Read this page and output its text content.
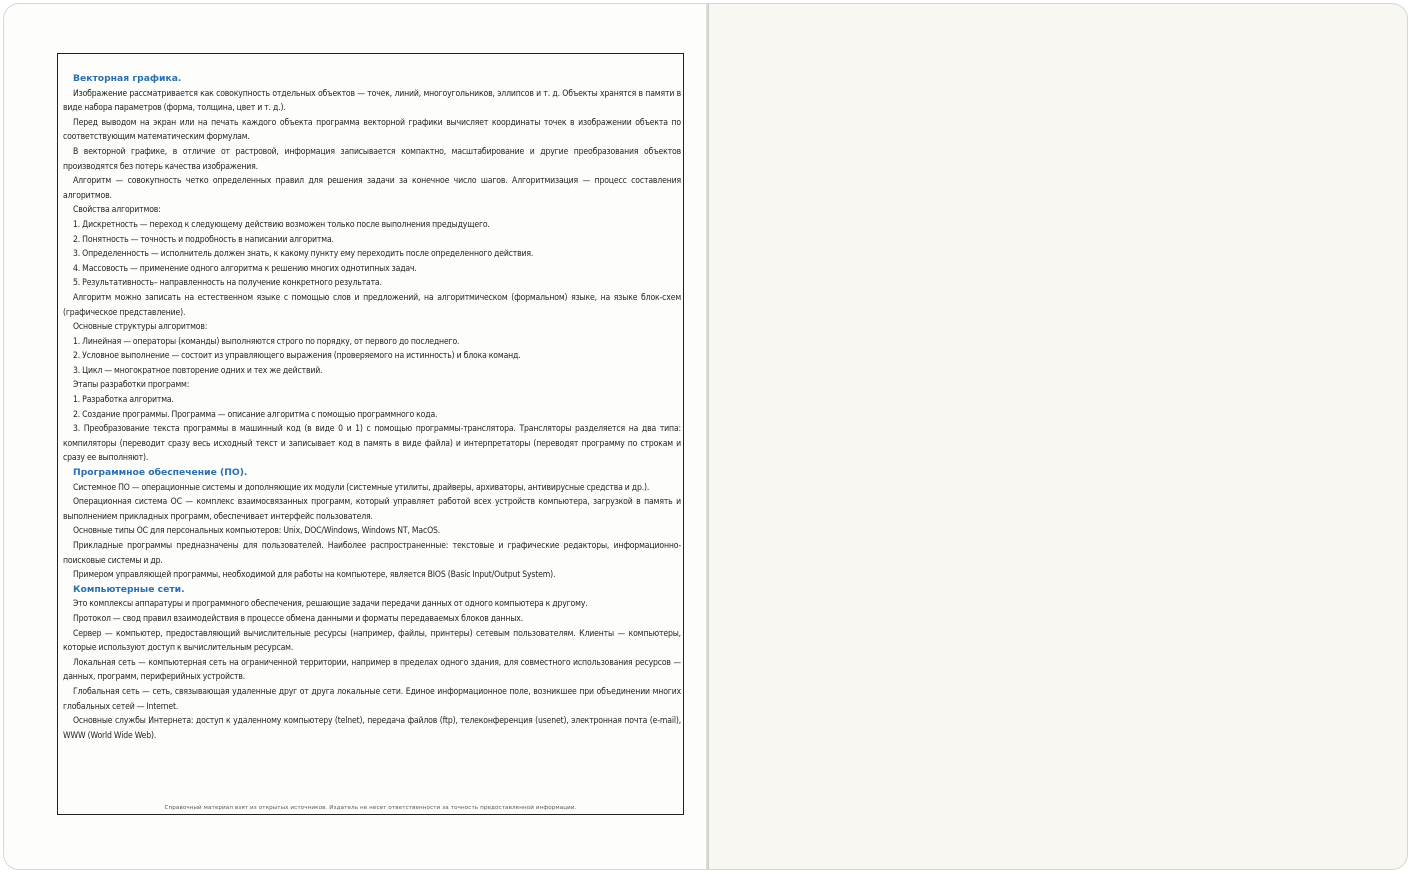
Векторная графика.

Изображение рассматривается как совокупность отдельных объектов — точек, линий, многоугольников, эллипсов и т. д. Объекты хранятся в памяти в виде набора параметров (форма, толщина, цвет и т. д.).

Перед выводом на экран или на печать каждого объекта программа векторной графики вычисляет координаты точек в изображении объекта по соответствующим математическим формулам.

В векторной графике, в отличие от растровой, информация записывается компактно, масштабирование и другие преобразования объектов производятся без потерь качества изображения.

Алгоритм — совокупность четко определенных правил для решения задачи за конечное число шагов. Алгоритмизация — процесс составления алгоритмов.

Свойства алгоритмов:

1. Дискретность — переход к следующему действию возможен только после выполнения предыдущего.

2. Понятность — точность и подробность в написании алгоритма.

3. Определенность — исполнитель должен знать, к какому пункту ему переходить после определенного действия.

4. Массовость — применение одного алгоритма к решению многих однотипных задач.

5. Результативность– направленность на получение конкретного результата.

Алгоритм можно записать на естественном языке с помощью слов и предложений, на алгоритмическом (формальном) языке, на языке блок-схем (графическое представление).

Основные структуры алгоритмов:

1. Линейная — операторы (команды) выполняются строго по порядку, от первого до последнего.

2. Условное выполнение — состоит из управляющего выражения (проверяемого на истинность) и блока команд.

3. Цикл — многократное повторение одних и тех же действий.

Этапы разработки программ:

1. Разработка алгоритма.

2. Создание программы. Программа — описание алгоритма с помощью программного кода.

3. Преобразование текста программы в машинный код (в виде 0 и 1) с помощью программы-транслятора. Трансляторы разделяется на два типа: компиляторы (переводит сразу весь исходный текст и записывает код в память в виде файла) и интерпретаторы (переводят программу по строкам и сразу ее выполняют).

Программное обеспечение (ПО).

Системное ПО — операционные системы и дополняющие их модули (системные утилиты, драйверы, архиваторы, антивирусные средства и др.).

Операционная система ОС — комплекс взаимосвязанных программ, который управляет работой всех устройств компьютера, загрузкой в память и выполнением прикладных программ, обеспечивает интерфейс пользователя.

Основные типы ОС для персональных компьютеров: Unix, DOC/Windows, Windows NT, MacOS.

Прикладные программы предназначены для пользователей. Наиболее распространенные: текстовые и графические редакторы, информационно-поисковые системы и др.

Примером управляющей программы, необходимой для работы на компьютере, является BIOS (Basic Input/Output System).

Компьютерные сети.

Это комплексы аппаратуры и программного обеспечения, решающие задачи передачи данных от одного компьютера к другому.

Протокол — свод правил взаимодействия в процессе обмена данными и форматы передаваемых блоков данных.

Сервер — компьютер, предоставляющий вычислительные ресурсы (например, файлы, принтеры) сетевым пользователям. Клиенты — компьютеры, которые используют доступ к вычислительным ресурсам.

Локальная сеть — компьютерная сеть на ограниченной территории, например в пределах одного здания, для совместного использования ресурсов — данных, программ, периферийных устройств.

Глобальная сеть — сеть, связывающая удаленные друг от друга локальные сети. Единое информационное поле, возникшее при объединении многих глобальных сетей — Internet.

Основные службы Интернета: доступ к удаленному компьютеру (telnet), передача файлов (ftp), телеконференция (usenet), электронная почта (e-mail), WWW (World Wide Web).

Справочный материал взят из открытых источников. Издатель не несет ответственности за точность предоставленной информации.
